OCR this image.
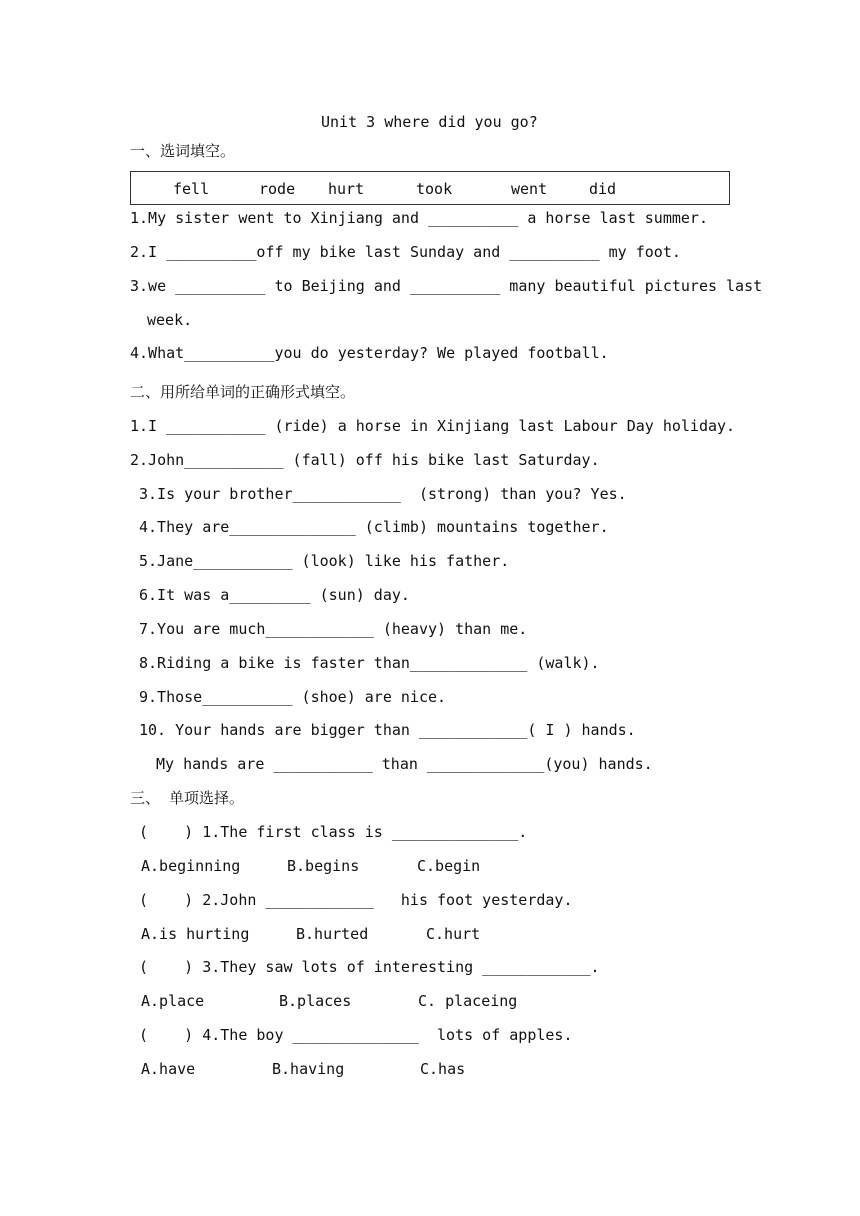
Unit 3 where did you go?
一、选词填空。
fell	rode hurt	took	went	did
1.My sister went to Xinjiang and __________ a horse last summer.
2.I __________off my bike last Sunday and __________ my foot.
3.we __________ to Beijing and __________ many beautiful pictures last
week.
4.What__________you do yesterday? We played football.
二、用所给单词的正确形式填空。
1.I ___________ (ride) a horse in Xinjiang last Labour Day holiday.
2.John___________ (fall) off his bike last Saturday.
3.Is your brother____________  (strong) than you? Yes.
4.They are______________ (climb) mountains together.
5.Jane___________ (look) like his father.
6.It was a_________ (sun) day.
7.You are much____________ (heavy) than me.
8.Riding a bike is faster than_____________ (walk).
9.Those__________ (shoe) are nice.
10. Your hands are bigger than ____________( I ) hands.
My hands are ___________ than _____________(you) hands.
三、 单项选择。
(    ) 1.The first class is ______________.
A.beginning	B.begins	C.begin
(    ) 2.John ____________   his foot yesterday.
A.is hurting	B.hurted	C.hurt
(    ) 3.They saw lots of interesting ____________.
A.place	B.places	C. placeing
(    ) 4.The boy ______________  lots of apples.
A.have	B.having	C.has
